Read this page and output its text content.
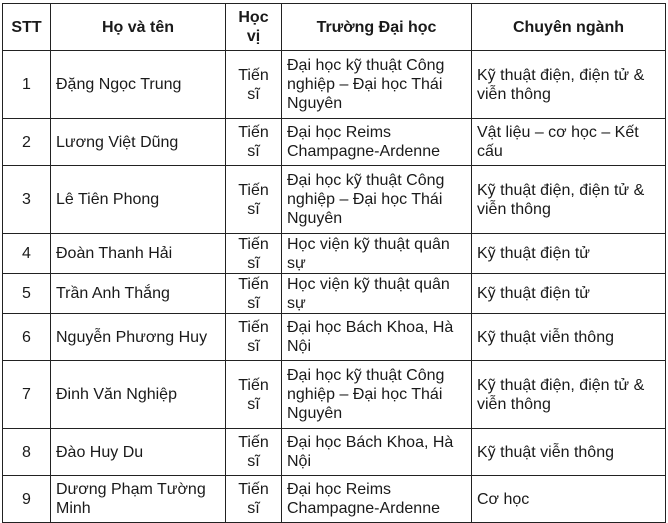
STT	Họ và tên	Học vị	Trường Đại học	Chuyên ngành
1	Đặng Ngọc Trung	Tiến sĩ	Đại học kỹ thuật Công nghiệp – Đại học Thái Nguyên	Kỹ thuật điện, điện tử & viễn thông
2	Lương Việt Dũng	Tiến sĩ	Đại học Reims Champagne-Ardenne	Vật liệu – cơ học – Kết cấu
3	Lê Tiên Phong	Tiến sĩ	Đại học kỹ thuật Công nghiệp – Đại học Thái Nguyên	Kỹ thuật điện, điện tử & viễn thông
4	Đoàn Thanh Hải	Tiến sĩ	Học viện kỹ thuật quân sự	Kỹ thuật điện tử
5	Trần Anh Thắng	Tiến sĩ	Học viện kỹ thuật quân sự	Kỹ thuật điện tử
6	Nguyễn Phương Huy	Tiến sĩ	Đại học Bách Khoa, Hà Nội	Kỹ thuật viễn thông
7	Đinh Văn Nghiệp	Tiến sĩ	Đại học kỹ thuật Công nghiệp – Đại học Thái Nguyên	Kỹ thuật điện, điện tử & viễn thông
8	Đào Huy Du	Tiến sĩ	Đại học Bách Khoa, Hà Nội	Kỹ thuật viễn thông
9	Dương Phạm Tường Minh	Tiến sĩ	Đại học Reims Champagne-Ardenne	Cơ học
